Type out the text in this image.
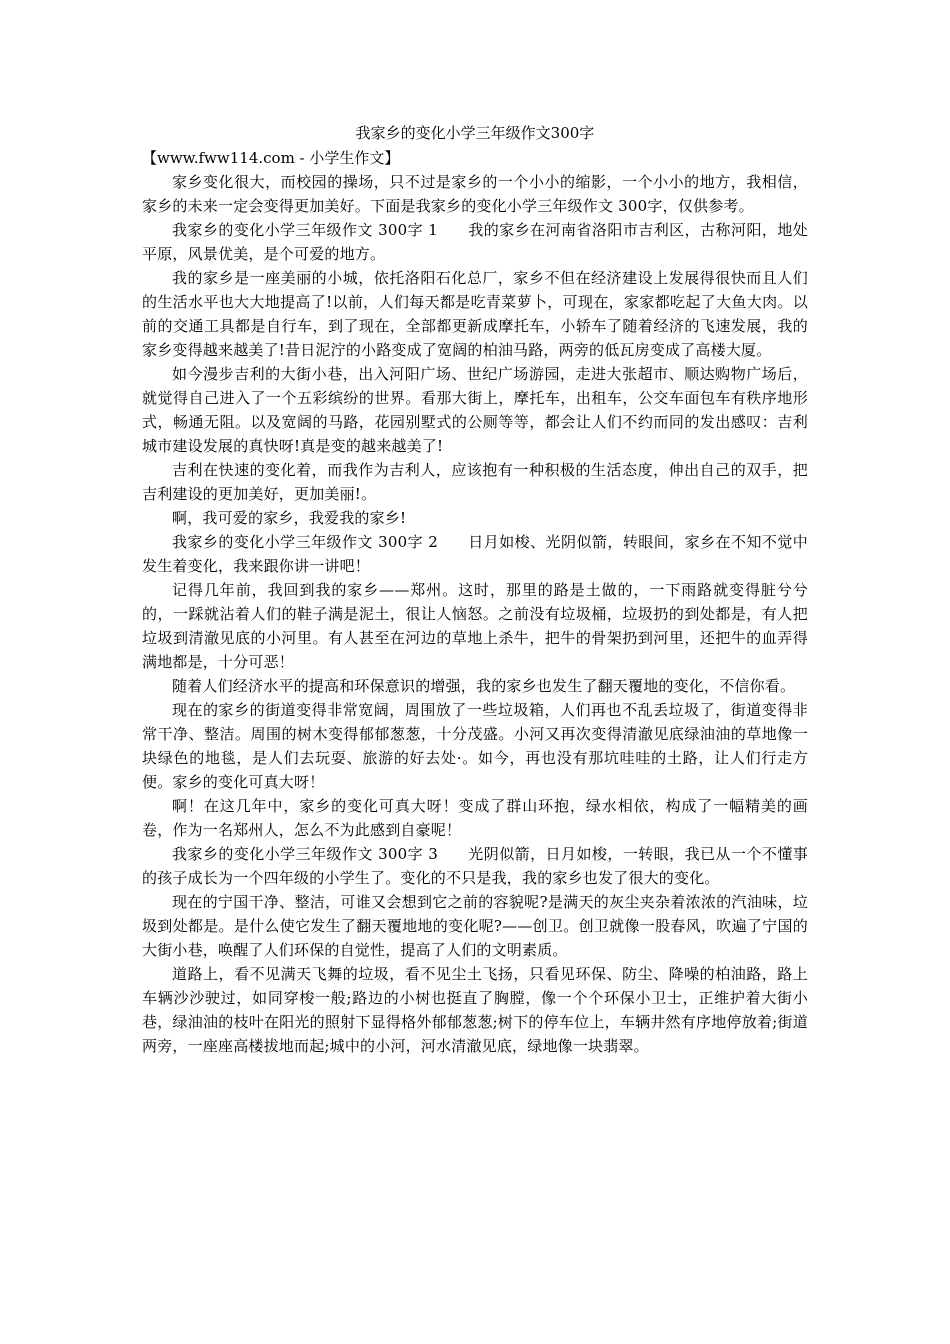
我家乡的变化小学三年级作文300字

【www.fww114.com - 小学生作文】

家乡变化很大，而校园的操场，只不过是家乡的一个小小的缩影，一个小小的地方，我相信，家乡的未来一定会变得更加美好。下面是我家乡的变化小学三年级作文 300字，仅供参考。

我家乡的变化小学三年级作文 300字 1 我的家乡在河南省洛阳市吉利区，古称河阳，地处平原，风景优美，是个可爱的地方。

我的家乡是一座美丽的小城，依托洛阳石化总厂，家乡不但在经济建设上发展得很快而且人们的生活水平也大大地提高了!以前，人们每天都是吃青菜萝卜，可现在，家家都吃起了大鱼大肉。以前的交通工具都是自行车，到了现在，全部都更新成摩托车，小轿车了随着经济的飞速发展，我的家乡变得越来越美了!昔日泥泞的小路变成了宽阔的柏油马路，两旁的低瓦房变成了高楼大厦。

如今漫步吉利的大街小巷，出入河阳广场、世纪广场游园，走进大张超市、顺达购物广场后，就觉得自己进入了一个五彩缤纷的世界。看那大街上，摩托车，出租车，公交车面包车有秩序地形式，畅通无阻。以及宽阔的马路，花园别墅式的公厕等等，都会让人们不约而同的发出感叹：吉利城市建设发展的真快呀!真是变的越来越美了!

吉利在快速的变化着，而我作为吉利人，应该抱有一种积极的生活态度，伸出自己的双手，把吉利建设的更加美好，更加美丽!。

啊，我可爱的家乡，我爱我的家乡!

我家乡的变化小学三年级作文 300字 2 日月如梭、光阴似箭，转眼间，家乡在不知不觉中发生着变化，我来跟你讲一讲吧！

记得几年前，我回到我的家乡——郑州。这时，那里的路是土做的，一下雨路就变得脏兮兮的，一踩就沾着人们的鞋子满是泥土，很让人恼怒。之前没有垃圾桶，垃圾扔的到处都是，有人把垃圾到清澈见底的小河里。有人甚至在河边的草地上杀牛，把牛的骨架扔到河里，还把牛的血弄得满地都是，十分可恶！

随着人们经济水平的提高和环保意识的增强，我的家乡也发生了翻天覆地的变化，不信你看。

现在的家乡的街道变得非常宽阔，周围放了一些垃圾箱，人们再也不乱丢垃圾了，街道变得非常干净、整洁。周围的树木变得郁郁葱葱，十分茂盛。小河又再次变得清澈见底绿油油的草地像一块绿色的地毯，是人们去玩耍、旅游的好去处·。如今，再也没有那坑哇哇的土路，让人们行走方便。家乡的变化可真大呀！

啊！在这几年中，家乡的变化可真大呀！变成了群山环抱，绿水相依，构成了一幅精美的画卷，作为一名郑州人，怎么不为此感到自豪呢！

我家乡的变化小学三年级作文 300字 3 光阴似箭，日月如梭，一转眼，我已从一个不懂事的孩子成长为一个四年级的小学生了。变化的不只是我，我的家乡也发了很大的变化。

现在的宁国干净、整洁，可谁又会想到它之前的容貌呢?是满天的灰尘夹杂着浓浓的汽油味，垃圾到处都是。是什么使它发生了翻天覆地地的变化呢?——创卫。创卫就像一股春风，吹遍了宁国的大街小巷，唤醒了人们环保的自觉性，提高了人们的文明素质。

道路上，看不见满天飞舞的垃圾，看不见尘土飞扬，只看见环保、防尘、降噪的柏油路，路上车辆沙沙驶过，如同穿梭一般;路边的小树也挺直了胸膛，像一个个环保小卫士，正维护着大街小巷，绿油油的枝叶在阳光的照射下显得格外郁郁葱葱;树下的停车位上，车辆井然有序地停放着;街道两旁，一座座高楼拔地而起;城中的小河，河水清澈见底，绿地像一块翡翠。
